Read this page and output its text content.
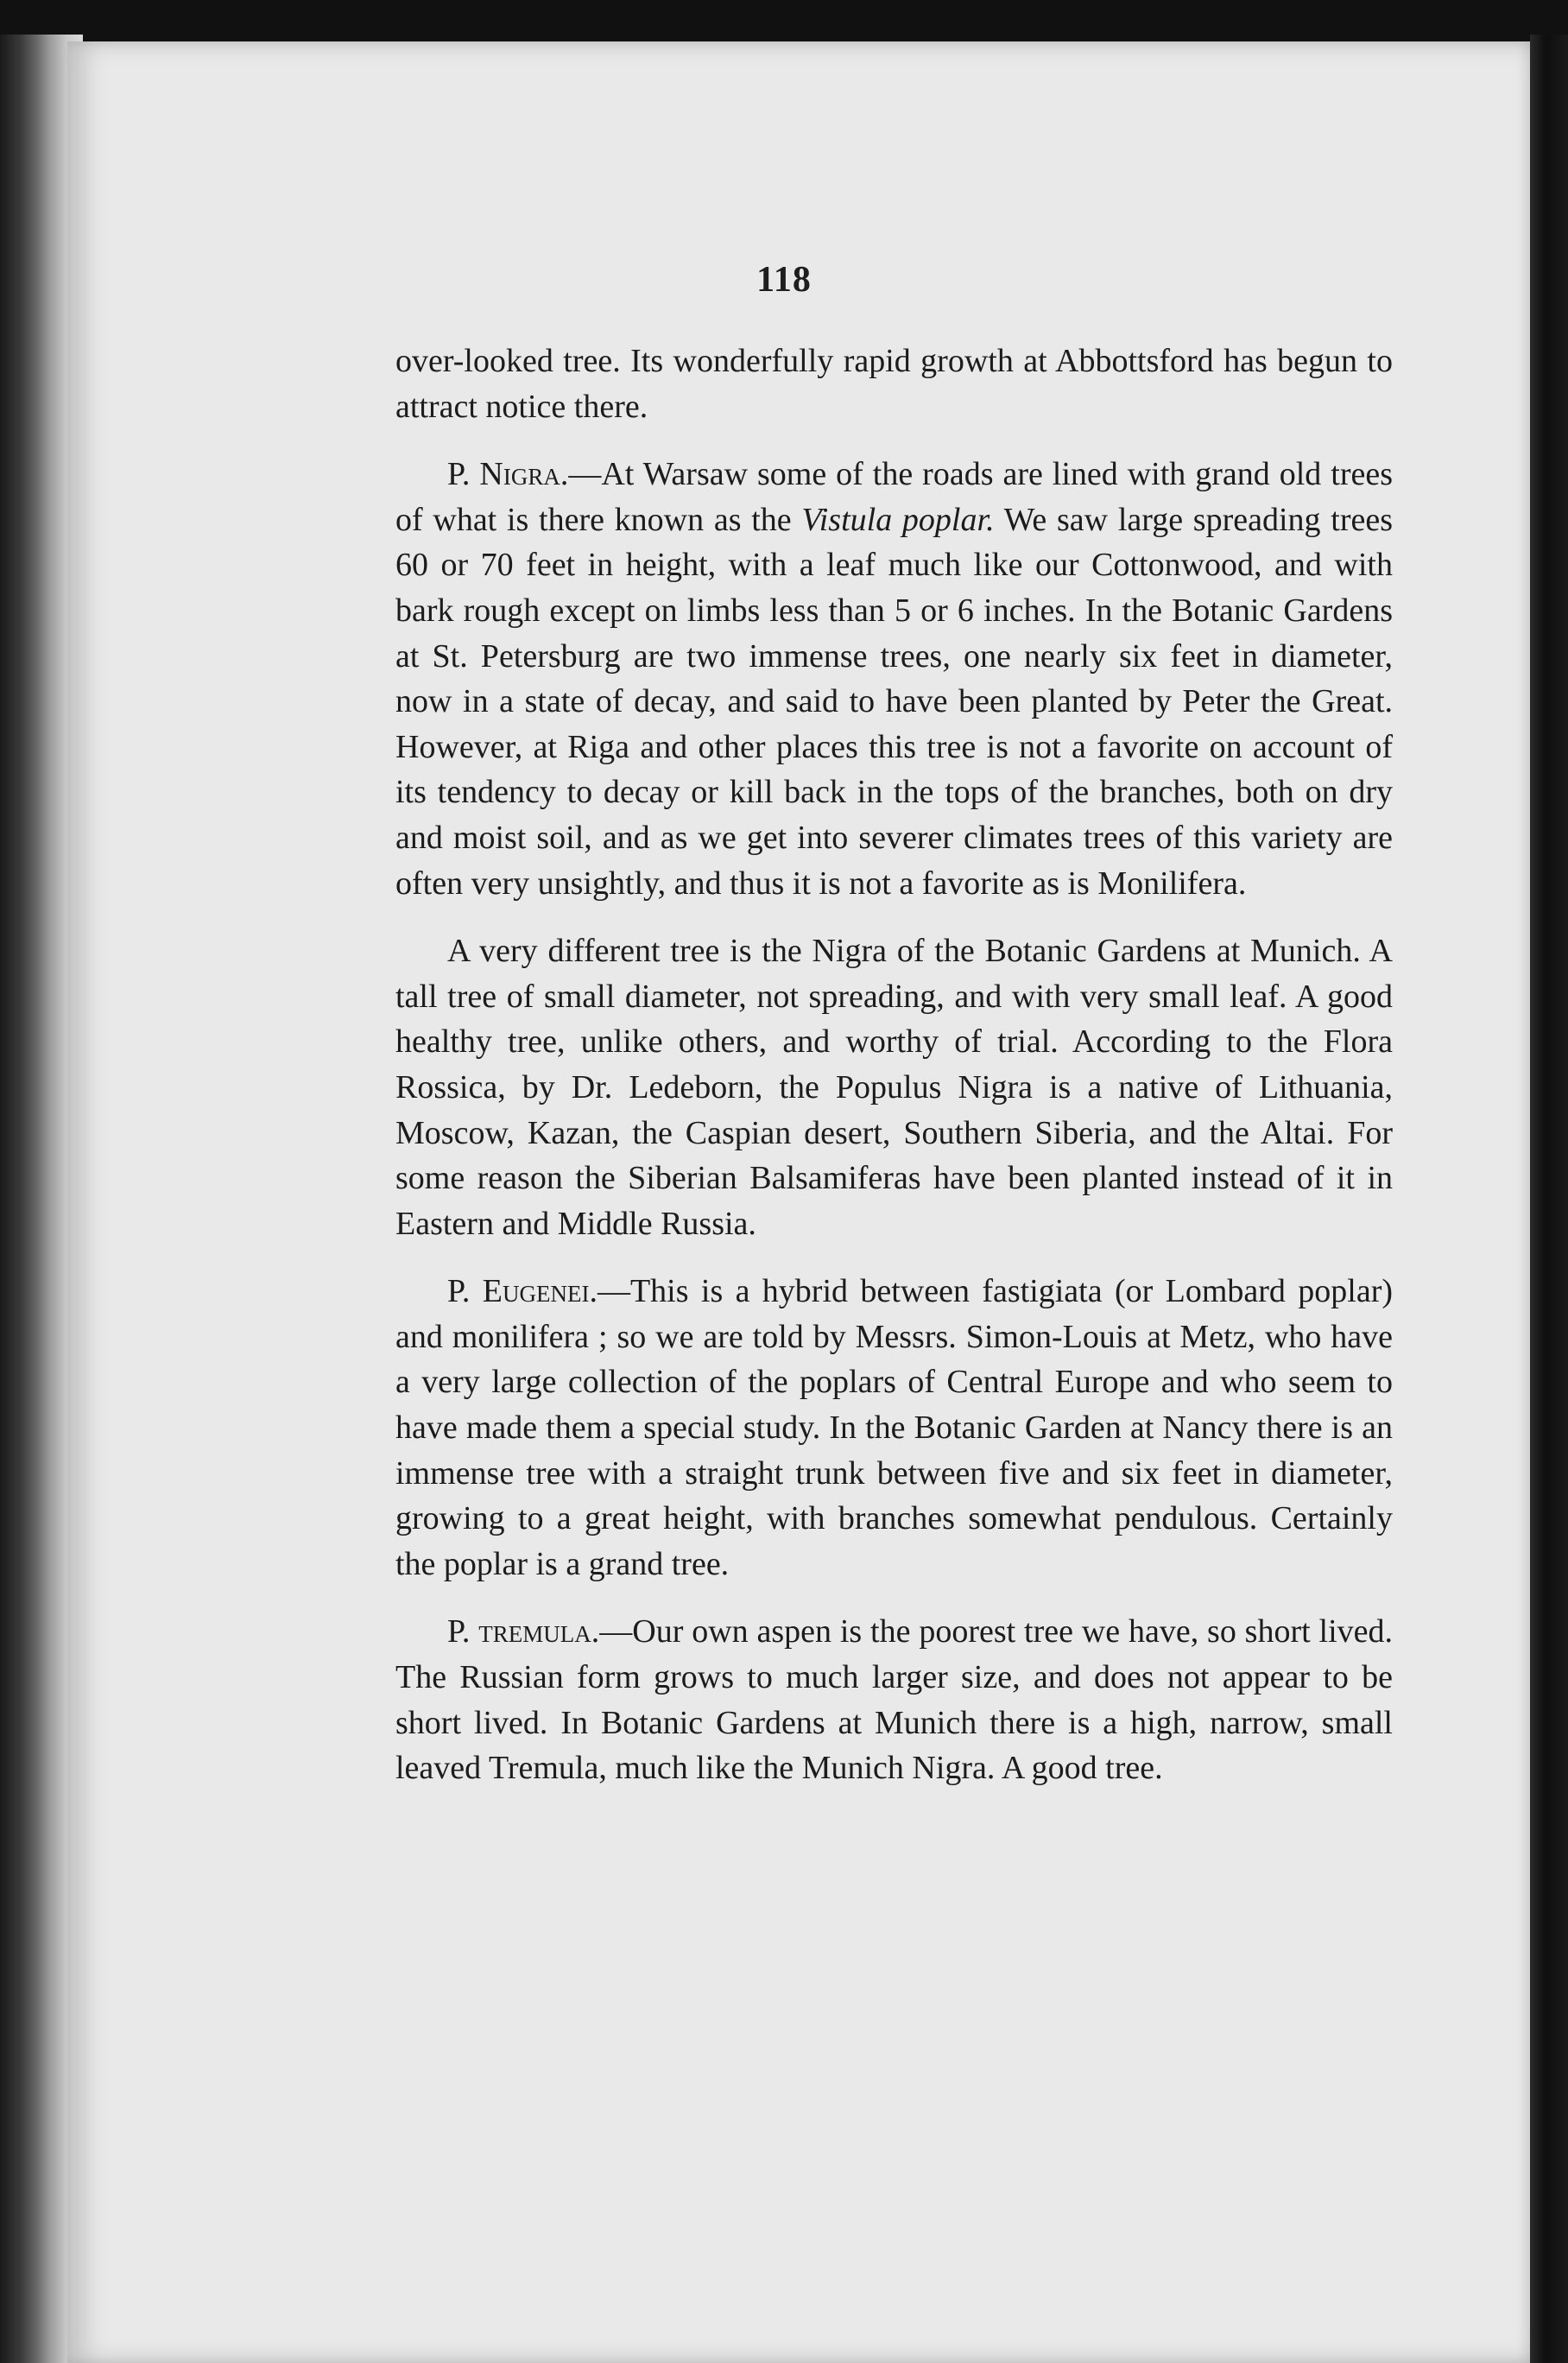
118

over-looked tree. Its wonderfully rapid growth at Abbottsford has begun to attract notice there.

P. Nigra.—At Warsaw some of the roads are lined with grand old trees of what is there known as the Vistula poplar. We saw large spreading trees 60 or 70 feet in height, with a leaf much like our Cottonwood, and with bark rough except on limbs less than 5 or 6 inches. In the Botanic Gardens at St. Petersburg are two immense trees, one nearly six feet in diameter, now in a state of decay, and said to have been planted by Peter the Great. However, at Riga and other places this tree is not a favorite on account of its tendency to decay or kill back in the tops of the branches, both on dry and moist soil, and as we get into severer climates trees of this variety are often very unsightly, and thus it is not a favorite as is Monilifera.

A very different tree is the Nigra of the Botanic Gardens at Munich. A tall tree of small diameter, not spreading, and with very small leaf. A good healthy tree, unlike others, and worthy of trial. According to the Flora Rossica, by Dr. Ledeborn, the Populus Nigra is a native of Lithuania, Moscow, Kazan, the Caspian desert, Southern Siberia, and the Altai. For some reason the Siberian Balsamiferas have been planted instead of it in Eastern and Middle Russia.

P. Eugenei.—This is a hybrid between fastigiata (or Lombard poplar) and monilifera ; so we are told by Messrs. Simon-Louis at Metz, who have a very large collection of the poplars of Central Europe and who seem to have made them a special study. In the Botanic Garden at Nancy there is an immense tree with a straight trunk between five and six feet in diameter, growing to a great height, with branches somewhat pendulous. Certainly the poplar is a grand tree.

P. tremula.—Our own aspen is the poorest tree we have, so short lived. The Russian form grows to much larger size, and does not appear to be short lived. In Botanic Gardens at Munich there is a high, narrow, small leaved Tremula, much like the Munich Nigra. A good tree.
